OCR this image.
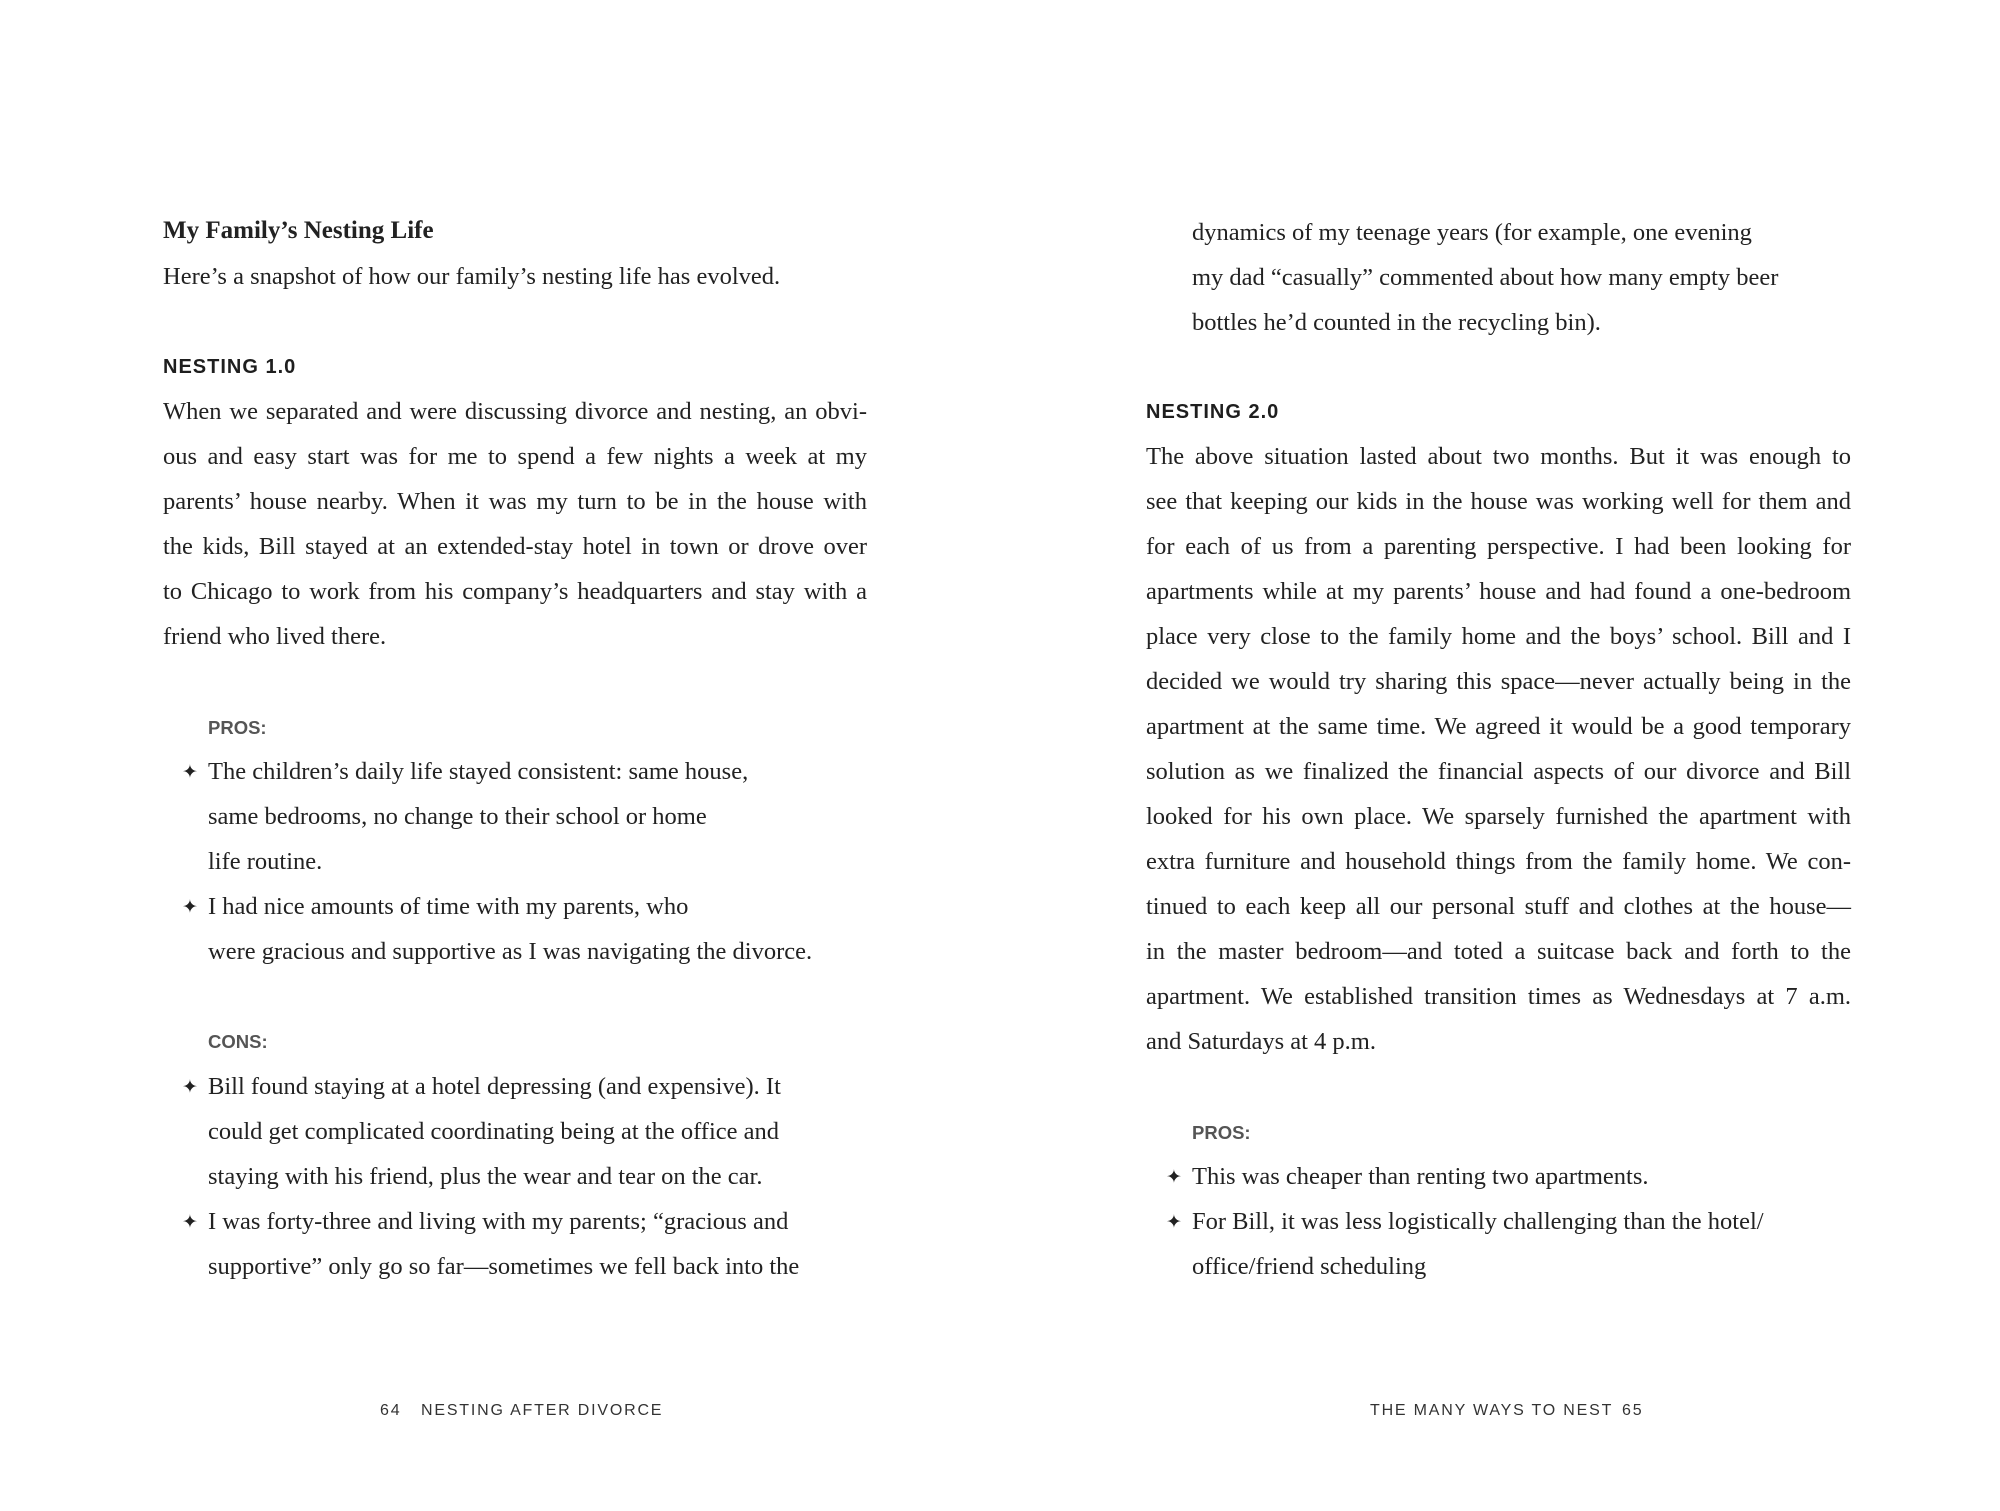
My Family’s Nesting Life
Here’s a snapshot of how our family’s nesting life has evolved.
NESTING 1.0
When we separated and were discussing divorce and nesting, an obvi-
ous and easy start was for me to spend a few nights a week at my
parents’ house nearby. When it was my turn to be in the house with
the kids, Bill stayed at an extended-stay hotel in town or drove over
to Chicago to work from his company’s headquarters and stay with a
friend who lived there.
PROS:
✦ The children’s daily life stayed consistent: same house,
same bedrooms, no change to their school or home
life routine.
✦ I had nice amounts of time with my parents, who
were gracious and supportive as I was navigating the divorce.
CONS:
✦ Bill found staying at a hotel depressing (and expensive). It
could get complicated coordinating being at the office and
staying with his friend, plus the wear and tear on the car.
✦ I was forty-three and living with my parents; “gracious and
supportive” only go so far—sometimes we fell back into the
64 NESTING AFTER DIVORCE
dynamics of my teenage years (for example, one evening
my dad “casually” commented about how many empty beer
bottles he’d counted in the recycling bin).
NESTING 2.0
The above situation lasted about two months. But it was enough to
see that keeping our kids in the house was working well for them and
for each of us from a parenting perspective. I had been looking for
apartments while at my parents’ house and had found a one-bedroom
place very close to the family home and the boys’ school. Bill and I
decided we would try sharing this space—never actually being in the
apartment at the same time. We agreed it would be a good temporary
solution as we finalized the financial aspects of our divorce and Bill
looked for his own place. We sparsely furnished the apartment with
extra furniture and household things from the family home. We con-
tinued to each keep all our personal stuff and clothes at the house—
in the master bedroom—and toted a suitcase back and forth to the
apartment. We established transition times as Wednesdays at 7 a.m.
and Saturdays at 4 p.m.
PROS:
✦ This was cheaper than renting two apartments.
✦ For Bill, it was less logistically challenging than the hotel/
office/friend scheduling
THE MANY WAYS TO NEST 65
